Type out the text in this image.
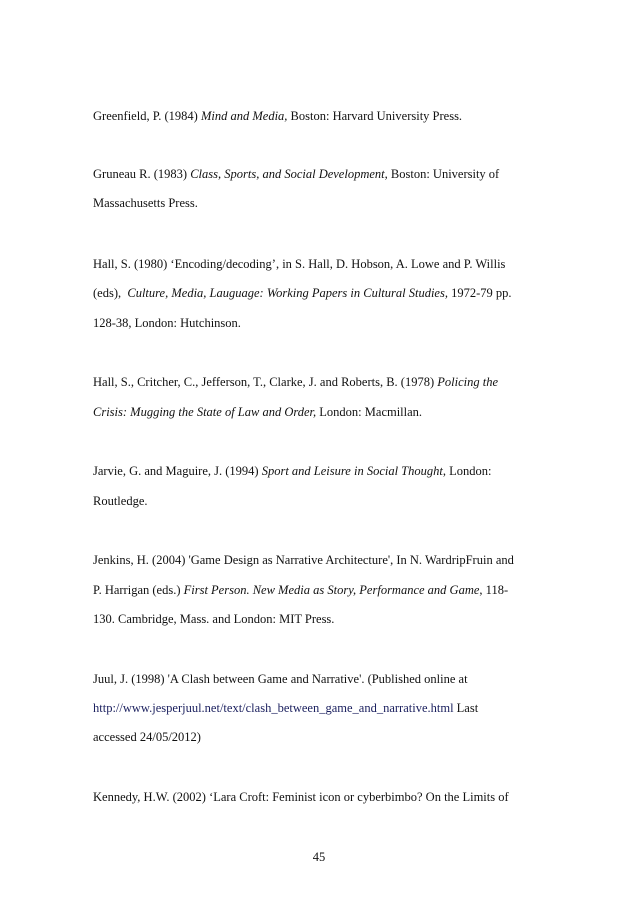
Greenfield, P. (1984) Mind and Media, Boston: Harvard University Press.
Gruneau R. (1983) Class, Sports, and Social Development, Boston: University of
Massachusetts Press.
Hall, S. (1980) ‘Encoding/decoding’, in S. Hall, D. Hobson, A. Lowe and P. Willis
(eds),  Culture, Media, Lauguage: Working Papers in Cultural Studies, 1972-79 pp.
128-38, London: Hutchinson.
Hall, S., Critcher, C., Jefferson, T., Clarke, J. and Roberts, B. (1978) Policing the
Crisis: Mugging the State of Law and Order, London: Macmillan.
Jarvie, G. and Maguire, J. (1994) Sport and Leisure in Social Thought, London:
Routledge.
Jenkins, H. (2004) 'Game Design as Narrative Architecture', In N. WardripFruin and
P. Harrigan (eds.) First Person. New Media as Story, Performance and Game, 118-
130. Cambridge, Mass. and London: MIT Press.
Juul, J. (1998) 'A Clash between Game and Narrative'. (Published online at
http://www.jesperjuul.net/text/clash_between_game_and_narrative.html Last
accessed 24/05/2012)
Kennedy, H.W. (2002) ‘Lara Croft: Feminist icon or cyberbimbo? On the Limits of
45
